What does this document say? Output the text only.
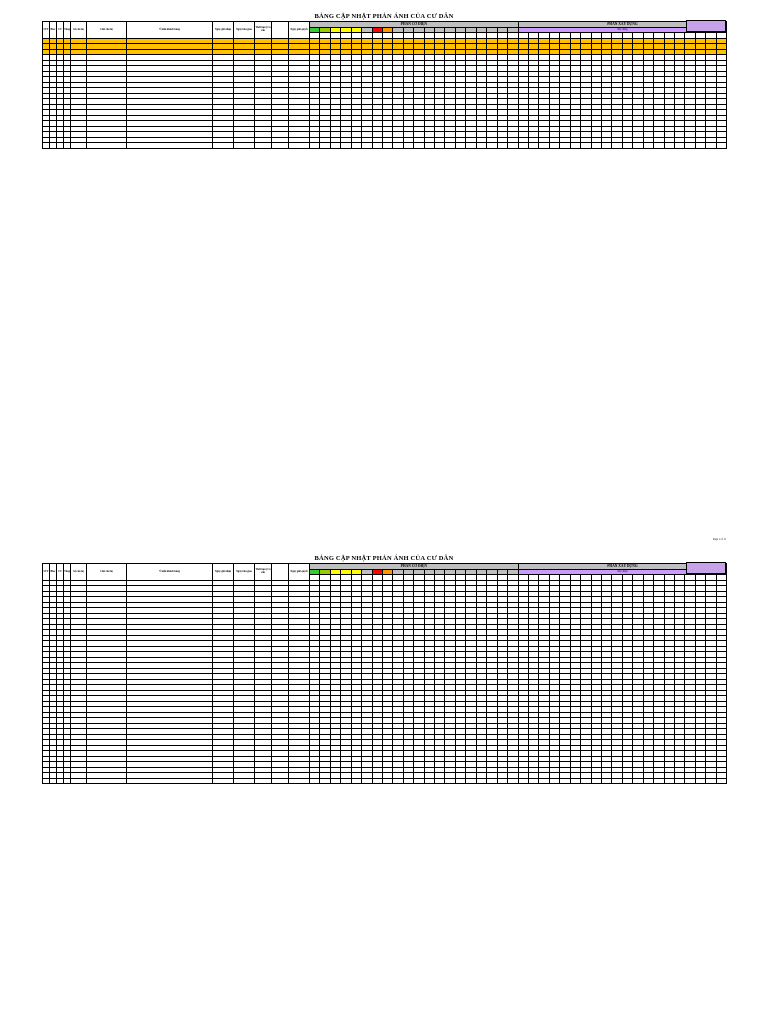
BẢNG CẬP NHẬT PHẢN ÁNH CỦA CƯ DÂN
STT	Bloc	CT	Tầng	Số căn hộ	Chủ căn hộ	Ý kiến khách hàng	Ngày ghi nhận	Ngày bàn giao	Thời hạn (3 n cấu		Ngày giải quyết	PHẦN CƠ ĐIỆN																				PHẦN XÂY DỰNG																			
																																Xây dựng																			

Page 1 of 11
BẢNG CẬP NHẬT PHẢN ÁNH CỦA CƯ DÂN
STT	Bloc	CT	Tầng	Số căn hộ	Chủ căn hộ	Ý kiến khách hàng	Ngày ghi nhận	Ngày bàn giao	Thời hạn (3 n cấu		Ngày giải quyết	PHẦN CƠ ĐIỆN																				PHẦN XÂY DỰNG																			
																																Xây dựng																			
